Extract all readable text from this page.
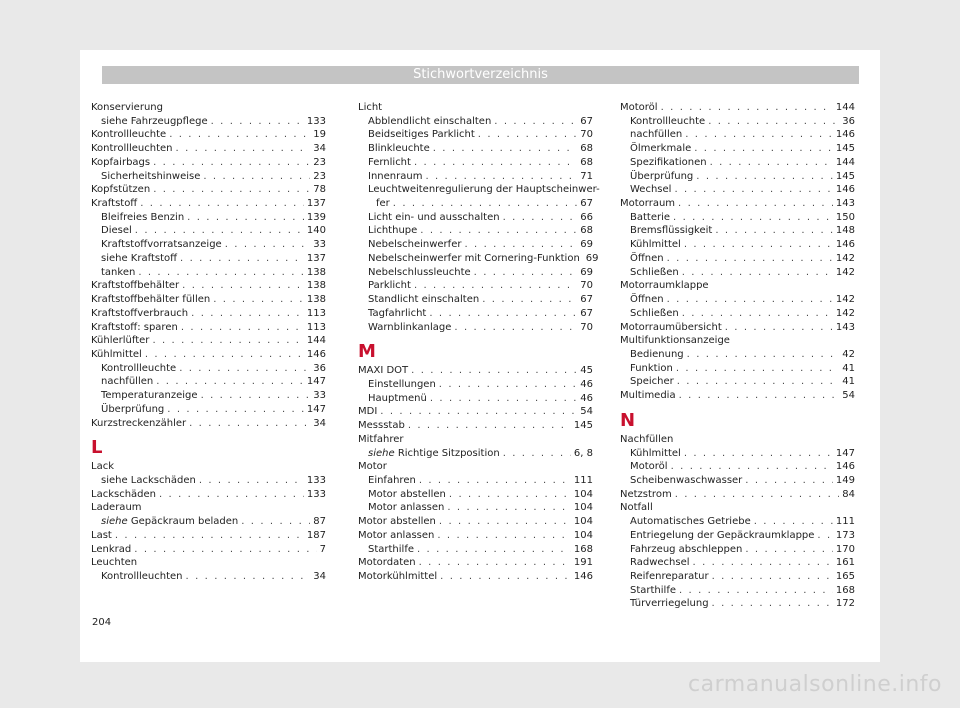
Stichwortverzeichnis
Konservierung
siehe Fahrzeugpflege . . .	133
Kontrollleuchte . . .	19
Kontrollleuchten . . .	34
Kopfairbags . . .	23
Sicherheitshinweise . . .	23
Kopfstützen . . .	78
Kraftstoff . . .	137
Bleifreies Benzin . . .	139
Diesel . . .	140
Kraftstoffvorratsanzeige . . .	33
siehe Kraftstoff . . .	137
tanken . . .	138
Kraftstoffbehälter . . .	138
Kraftstoffbehälter füllen . . .	138
Kraftstoffverbrauch . . .	113
Kraftstoff: sparen . . .	113
Kühlerlüfter . . .	144
Kühlmittel . . .	146
Kontrollleuchte . . .	36
nachfüllen . . .	147
Temperaturanzeige . . .	33
Überprüfung . . .	147
Kurzstreckenzähler . . .	34
L
Lack
siehe Lackschäden . . .	133
Lackschäden . . .	133
Laderaum
siehe Gepäckraum beladen . . .	87
Last . . .	187
Lenkrad . . .	7
Leuchten
Kontrollleuchten . . .	34
Licht
Abblendlicht einschalten . . .	67
Beidseitiges Parklicht . . .	70
Blinkleuchte . . .	68
Fernlicht . . .	68
Innenraum . . .	71
Leuchtweitenregulierung der Hauptscheinwer-
fer . . .	67
Licht ein- und ausschalten . . .	66
Lichthupe . . .	68
Nebelscheinwerfer . . .	69
Nebelscheinwerfer mit Cornering-Funktion 69
Nebelschlussleuchte . . .	69
Parklicht . . .	70
Standlicht einschalten . . .	67
Tagfahrlicht . . .	67
Warnblinkanlage . . .	70
M
MAXI DOT . . .	45
Einstellungen . . .	46
Hauptmenü . . .	46
MDI . . .	54
Messstab . . .	145
Mitfahrer
siehe Richtige Sitzposition . . .	6, 8
Motor
Einfahren . . .	111
Motor abstellen . . .	104
Motor anlassen . . .	104
Motor abstellen . . .	104
Motor anlassen . . .	104
Starthilfe . . .	168
Motordaten . . .	191
Motorkühlmittel . . .	146
Motoröl . . .	144
Kontrollleuchte . . .	36
nachfüllen . . .	146
Ölmerkmale . . .	145
Spezifikationen . . .	144
Überprüfung . . .	145
Wechsel . . .	146
Motorraum . . .	143
Batterie . . .	150
Bremsflüssigkeit . . .	148
Kühlmittel . . .	146
Öffnen . . .	142
Schließen . . .	142
Motorraumklappe
Öffnen . . .	142
Schließen . . .	142
Motorraumübersicht . . .	143
Multifunktionsanzeige
Bedienung . . .	42
Funktion . . .	41
Speicher . . .	41
Multimedia . . .	54
N
Nachfüllen
Kühlmittel . . .	147
Motoröl . . .	146
Scheibenwaschwasser . . .	149
Netzstrom . . .	84
Notfall
Automatisches Getriebe . . .	111
Entriegelung der Gepäckraumklappe . . . 173
Fahrzeug abschleppen . . .	170
Radwechsel . . .	161
Reifenreparatur . . .	165
Starthilfe . . .	168
Türverriegelung . . .	172
204
carmanualsonline.info
